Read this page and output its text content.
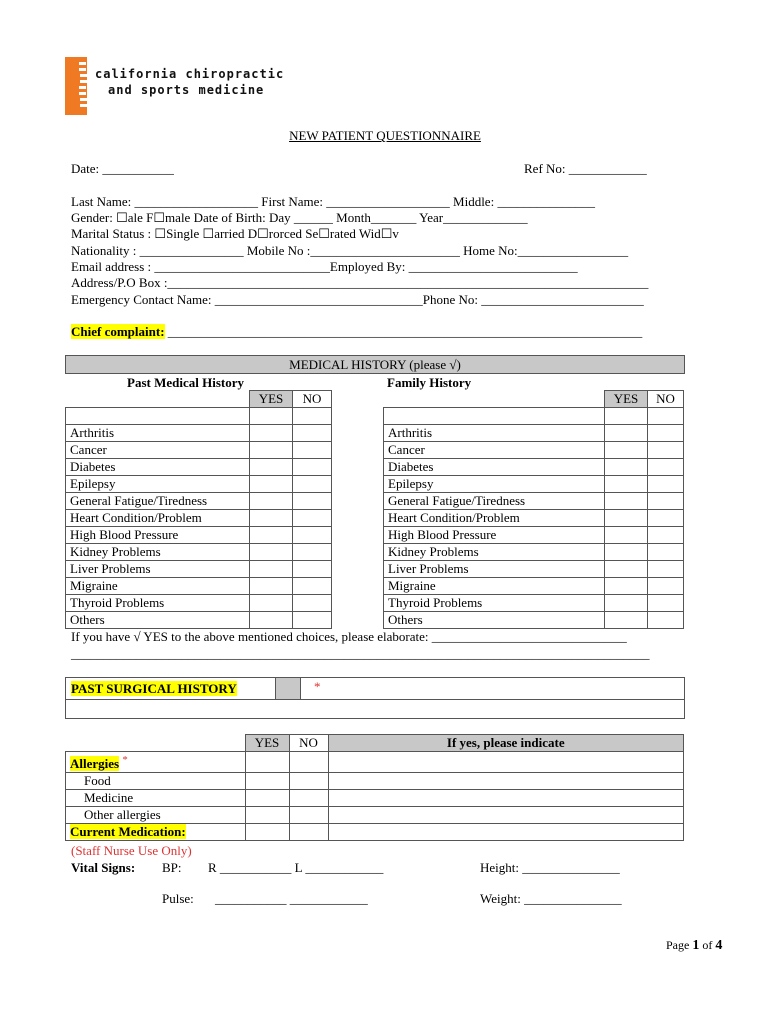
california chiropractic
and sports medicine
NEW PATIENT QUESTIONNAIRE
Date: ___________	Ref No: ____________
Last Name: ___________________ First Name: ___________________ Middle: _______________
Gender: ☐ale F☐male Date of Birth: Day ______ Month_______ Year_____________
Marital Status : ☐Single ☐arried D☐rorced Se☐rated Wid☐v
Nationality : ________________ Mobile No :_______________________ Home No:_________________
Email address : ___________________________Employed By: __________________________
Address/P.O Box :__________________________________________________________________________
Emergency Contact Name: ________________________________Phone No: _________________________
Chief complaint: _________________________________________________________________________
MEDICAL HISTORY (please √)
Past Medical History	Family History
	YES	NO

Arthritis		
Cancer		
Diabetes		
Epilepsy		
General Fatigue/Tiredness		
Heart Condition/Problem		
High Blood Pressure		
Kidney Problems		
Liver Problems		
Migraine		
Thyroid Problems		
Others		
	YES	NO

Arthritis		
Cancer		
Diabetes		
Epilepsy		
General Fatigue/Tiredness		
Heart Condition/Problem		
High Blood Pressure		
Kidney Problems		
Liver Problems		
Migraine		
Thyroid Problems		
Others		
If you have √ YES to the above mentioned choices, please elaborate: ______________________________
_________________________________________________________________________________________
PAST SURGICAL HISTORY	*
	YES	NO	If yes, please indicate
Allergies *			
Food			
Medicine			
Other allergies			
Current Medication:			
(Staff Nurse Use Only)
Vital Signs: BP: R ___________ L ____________	Height: _______________
Pulse: ___________ ____________	Weight: _______________
Page 1 of 4
